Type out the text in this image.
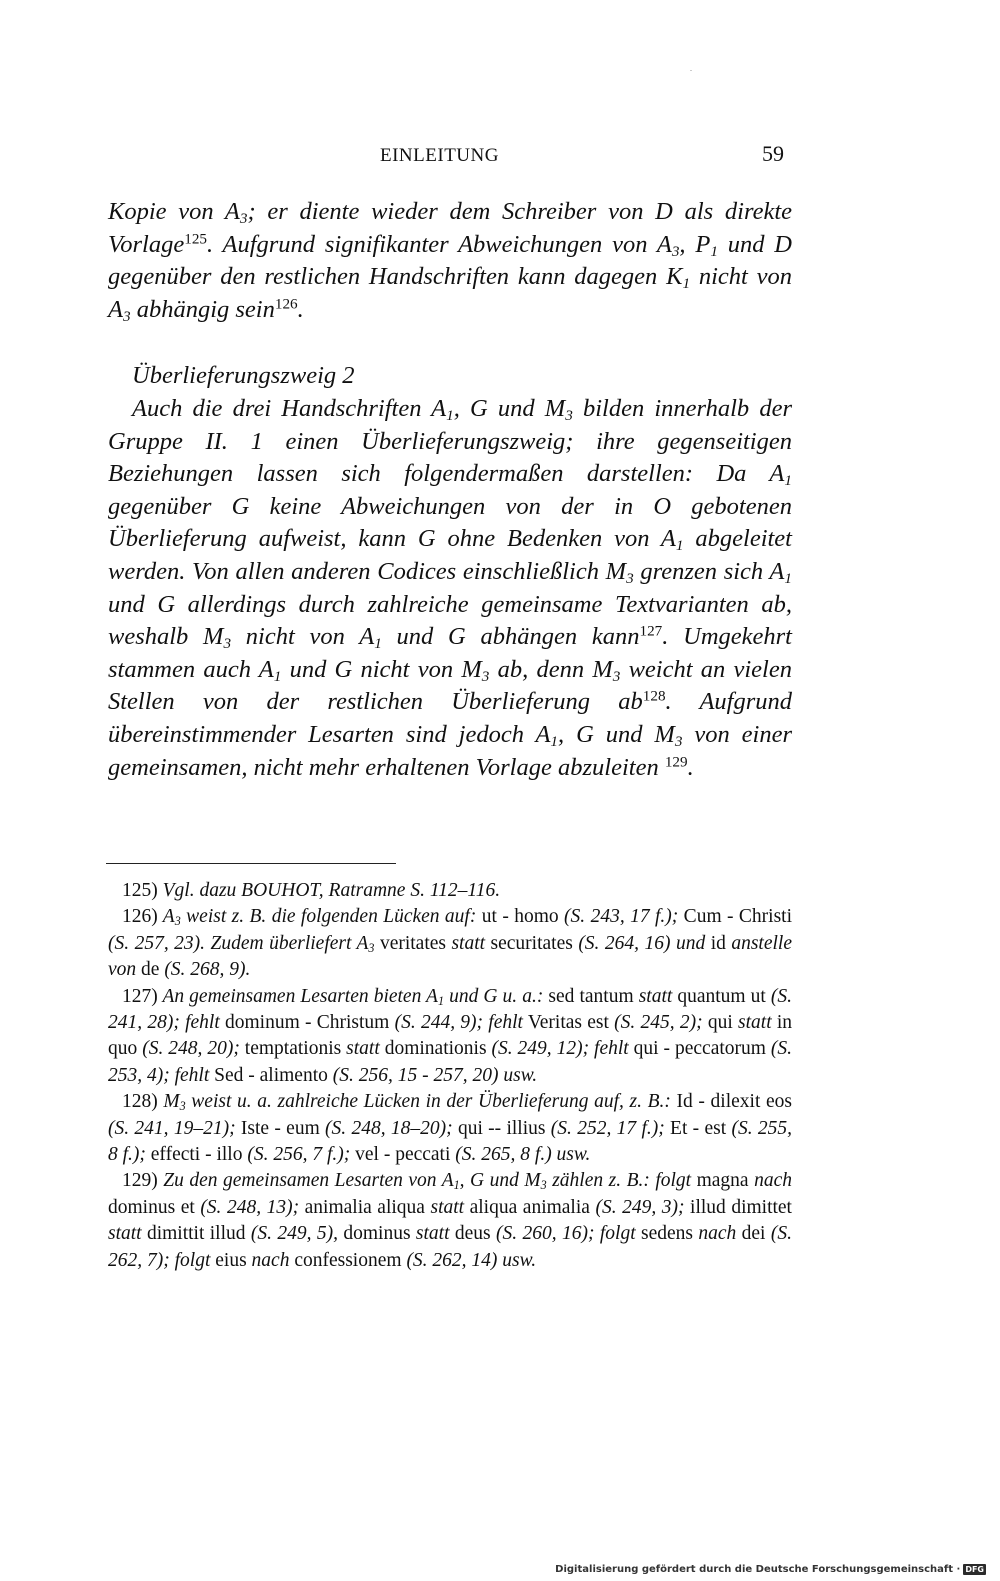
EINLEITUNG	59

Kopie von $A_3$; er diente wieder dem Schreiber von D als direkte Vorlage$^{125}$. Aufgrund signifikanter Abweichungen von $A_3$, $P_1$ und D gegenüber den restlichen Handschriften kann dagegen $K_1$ nicht von $A_3$ abhängig sein$^{126}$.

Überlieferungszweig 2

Auch die drei Handschriften $A_1$, G und $M_3$ bilden innerhalb der Gruppe II. 1 einen Überlieferungszweig; ihre gegenseitigen Beziehungen lassen sich folgendermaßen darstellen: Da $A_1$ gegenüber G keine Abweichungen von der in O gebotenen Überlieferung aufweist, kann G ohne Bedenken von $A_1$ abgeleitet werden. Von allen anderen Codices einschließlich $M_3$ grenzen sich $A_1$ und G allerdings durch zahlreiche gemeinsame Textvarianten ab, weshalb $M_3$ nicht von $A_1$ und G abhängen kann$^{127}$. Umgekehrt stammen auch $A_1$ und G nicht von $M_3$ ab, denn $M_3$ weicht an vielen Stellen von der restlichen Überlieferung $ab^{128}$. Aufgrund übereinstimmender Lesarten sind jedoch $A_1$, G und $M_3$ von einer gemeinsamen, nicht mehr erhaltenen Vorlage abzuleiten $^{129}$.

125) Vgl. dazu BOUHOT, Ratramne S. 112–116.

126) $A_3$ weist z. B. die folgenden Lücken auf: ut - homo (S. 243, 17 f.); Cum - Christi (S. 257, 23). Zudem überliefert $A_3$ veritates statt securitates (S. 264, 16) und id anstelle von de (S. 268, 9).

127) An gemeinsamen Lesarten bieten $A_1$ und G u. a.: sed tantum statt quantum ut (S. 241, 28); fehlt dominum - Christum (S. 244, 9); fehlt Veritas est (S. 245, 2); qui statt in quo (S. 248, 20); temptationis statt dominationis (S. 249, 12); fehlt qui - peccatorum (S. 253, 4); fehlt Sed - alimento (S. 256, 15 - 257, 20) usw.

128) $M_3$ weist u. a. zahlreiche Lücken in der Überlieferung auf, z. B.: Id - dilexit eos (S. 241, 19–21); Iste - eum (S. 248, 18–20); qui -- illius (S. 252, 17 f.); Et - est (S. 255, 8 f.); effecti - illo (S. 256, 7 f.); vel - peccati (S. 265, 8 f.) usw.

129) Zu den gemeinsamen Lesarten von $A_1$, G und $M_3$ zählen z. B.: folgt magna nach dominus et (S. 248, 13); animalia aliqua statt aliqua animalia (S. 249, 3); illud dimittet statt dimittit illud (S. 249, 5), dominus statt deus (S. 260, 16); folgt sedens nach dei (S. 262, 7); folgt eius nach confessionem (S. 262, 14) usw.

Digitalisierung gefördert durch die Deutsche Forschungsgemeinschaft · DFG
